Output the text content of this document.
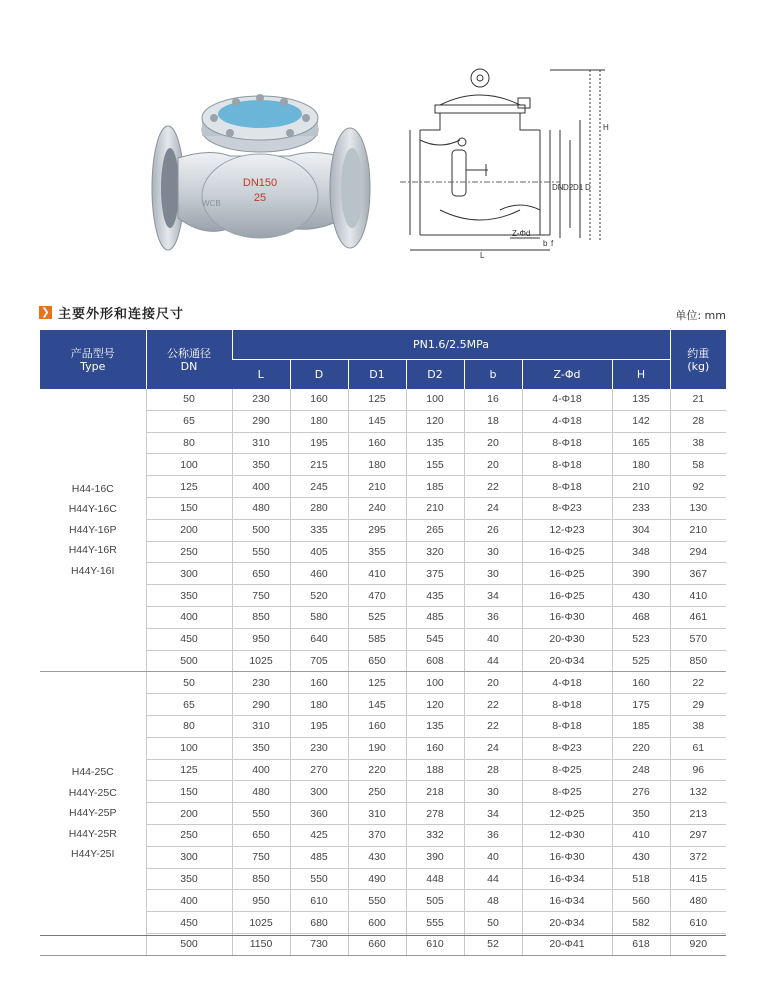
DN150
25
WCB
H
D
D1
D2
DN
L
Z-Φd
b f
❯ 主要外形和连接尺寸	单位: mm
产品型号
Type	公称通径
DN	PN1.6/2.5MPa							约重
(kg)
		L	D	D1	D2	b	Z-Φd	H	

H44-16C
H44Y-16C
H44Y-16P
H44Y-16R
H44Y-16I	50	230	160	125	100	16	4-Φ18	135	21
	65	290	180	145	120	18	4-Φ18	142	28
	80	310	195	160	135	20	8-Φ18	165	38
	100	350	215	180	155	20	8-Φ18	180	58
	125	400	245	210	185	22	8-Φ18	210	92
	150	480	280	240	210	24	8-Φ23	233	130
	200	500	335	295	265	26	12-Φ23	304	210
	250	550	405	355	320	30	16-Φ25	348	294
	300	650	460	410	375	30	16-Φ25	390	367
	350	750	520	470	435	34	16-Φ25	430	410
	400	850	580	525	485	36	16-Φ30	468	461
	450	950	640	585	545	40	20-Φ30	523	570
	500	1025	705	650	608	44	20-Φ34	525	850

H44-25C
H44Y-25C
H44Y-25P
H44Y-25R
H44Y-25I	50	230	160	125	100	20	4-Φ18	160	22
	65	290	180	145	120	22	8-Φ18	175	29
	80	310	195	160	135	22	8-Φ18	185	38
	100	350	230	190	160	24	8-Φ23	220	61
	125	400	270	220	188	28	8-Φ25	248	96
	150	480	300	250	218	30	8-Φ25	276	132
	200	550	360	310	278	34	12-Φ25	350	213
	250	650	425	370	332	36	12-Φ30	410	297
	300	750	485	430	390	40	16-Φ30	430	372
	350	850	550	490	448	44	16-Φ34	518	415
	400	950	610	550	505	48	16-Φ34	560	480
	450	1025	680	600	555	50	20-Φ34	582	610
	500	1150	730	660	610	52	20-Φ41	618	920
